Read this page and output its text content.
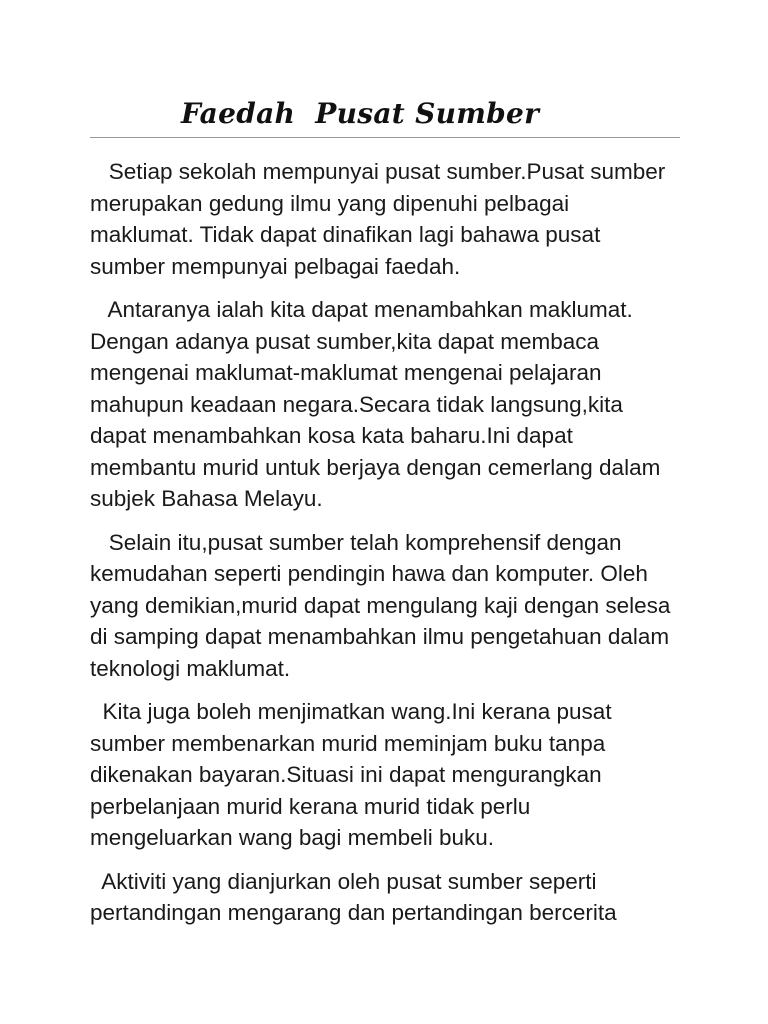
Faedah  Pusat Sumber

Setiap sekolah mempunyai pusat sumber.Pusat sumber
merupakan gedung ilmu yang dipenuhi pelbagai
maklumat. Tidak dapat dinafikan lagi bahawa pusat
sumber mempunyai pelbagai faedah.

Antaranya ialah kita dapat menambahkan maklumat.
Dengan adanya pusat sumber,kita dapat membaca
mengenai maklumat-maklumat mengenai pelajaran
mahupun keadaan negara.Secara tidak langsung,kita
dapat menambahkan kosa kata baharu.Ini dapat
membantu murid untuk berjaya dengan cemerlang dalam
subjek Bahasa Melayu.

Selain itu,pusat sumber telah komprehensif dengan
kemudahan seperti pendingin hawa dan komputer. Oleh
yang demikian,murid dapat mengulang kaji dengan selesa
di samping dapat menambahkan ilmu pengetahuan dalam
teknologi maklumat.

Kita juga boleh menjimatkan wang.Ini kerana pusat
sumber membenarkan murid meminjam buku tanpa
dikenakan bayaran.Situasi ini dapat mengurangkan
perbelanjaan murid kerana murid tidak perlu
mengeluarkan wang bagi membeli buku.

Aktiviti yang dianjurkan oleh pusat sumber seperti
pertandingan mengarang dan pertandingan bercerita
